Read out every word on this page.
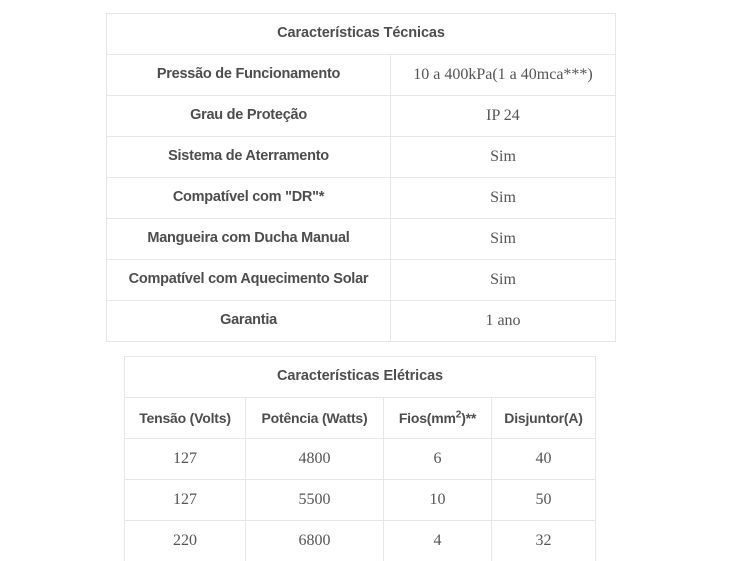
Características Técnicas	
Pressão de Funcionamento	10 a 400kPa(1 a 40mca***)
Grau de Proteção	IP 24
Sistema de Aterramento	Sim
Compatível com "DR"*	Sim
Mangueira com Ducha Manual	Sim
Compatível com Aquecimento Solar	Sim
Garantia	1 ano
Características Elétricas			
Tensão (Volts)	Potência (Watts)	$Fios(mm^2)**$	Disjuntor(A)
127	4800	6	40
127	5500	10	50
220	6800	4	32
